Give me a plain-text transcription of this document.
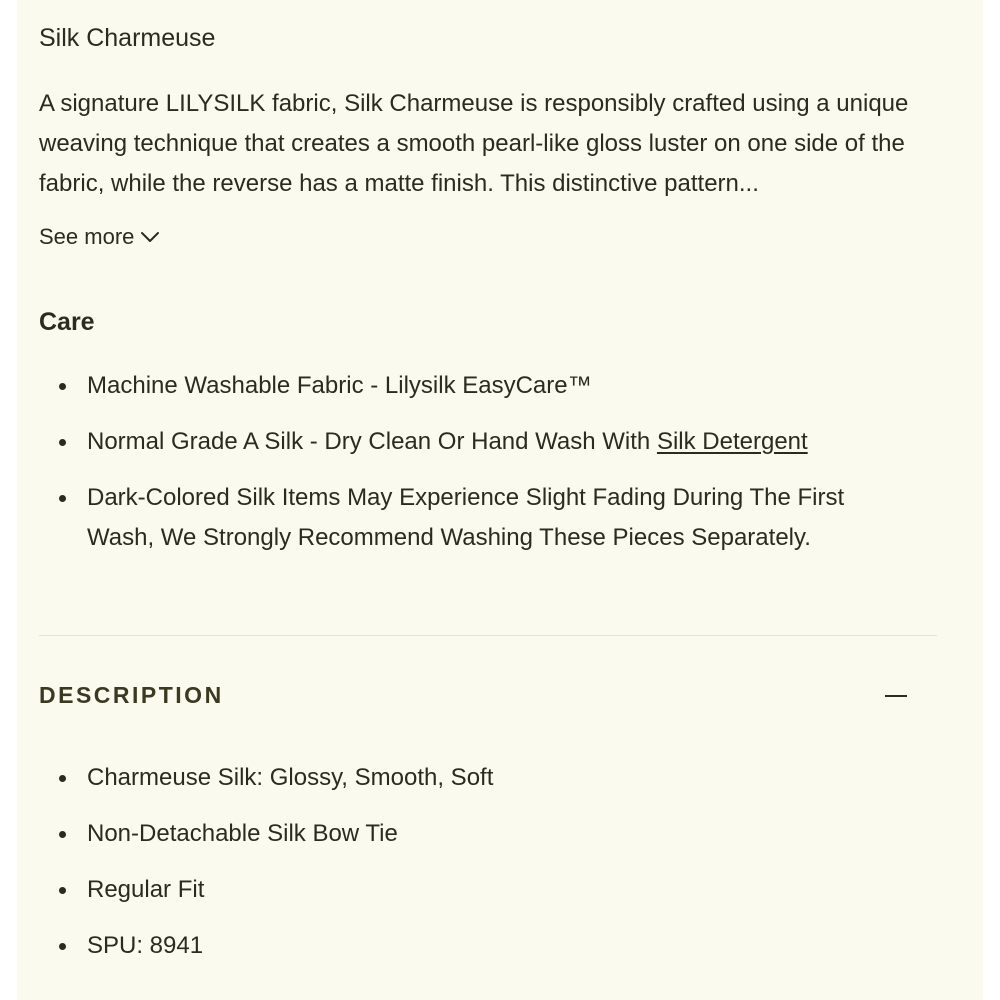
Silk Charmeuse

A signature LILYSILK fabric, Silk Charmeuse is responsibly crafted using a unique weaving technique that creates a smooth pearl-like gloss luster on one side of the fabric, while the reverse has a matte finish. This distinctive pattern...

See more
Care
Machine Washable Fabric - Lilysilk EasyCare™
Normal Grade A Silk - Dry Clean Or Hand Wash With Silk Detergent
Dark-Colored Silk Items May Experience Slight Fading During The First Wash, We Strongly Recommend Washing These Pieces Separately.
DESCRIPTION
Charmeuse Silk: Glossy, Smooth, Soft
Non-Detachable Silk Bow Tie
Regular Fit
SPU: 8941
